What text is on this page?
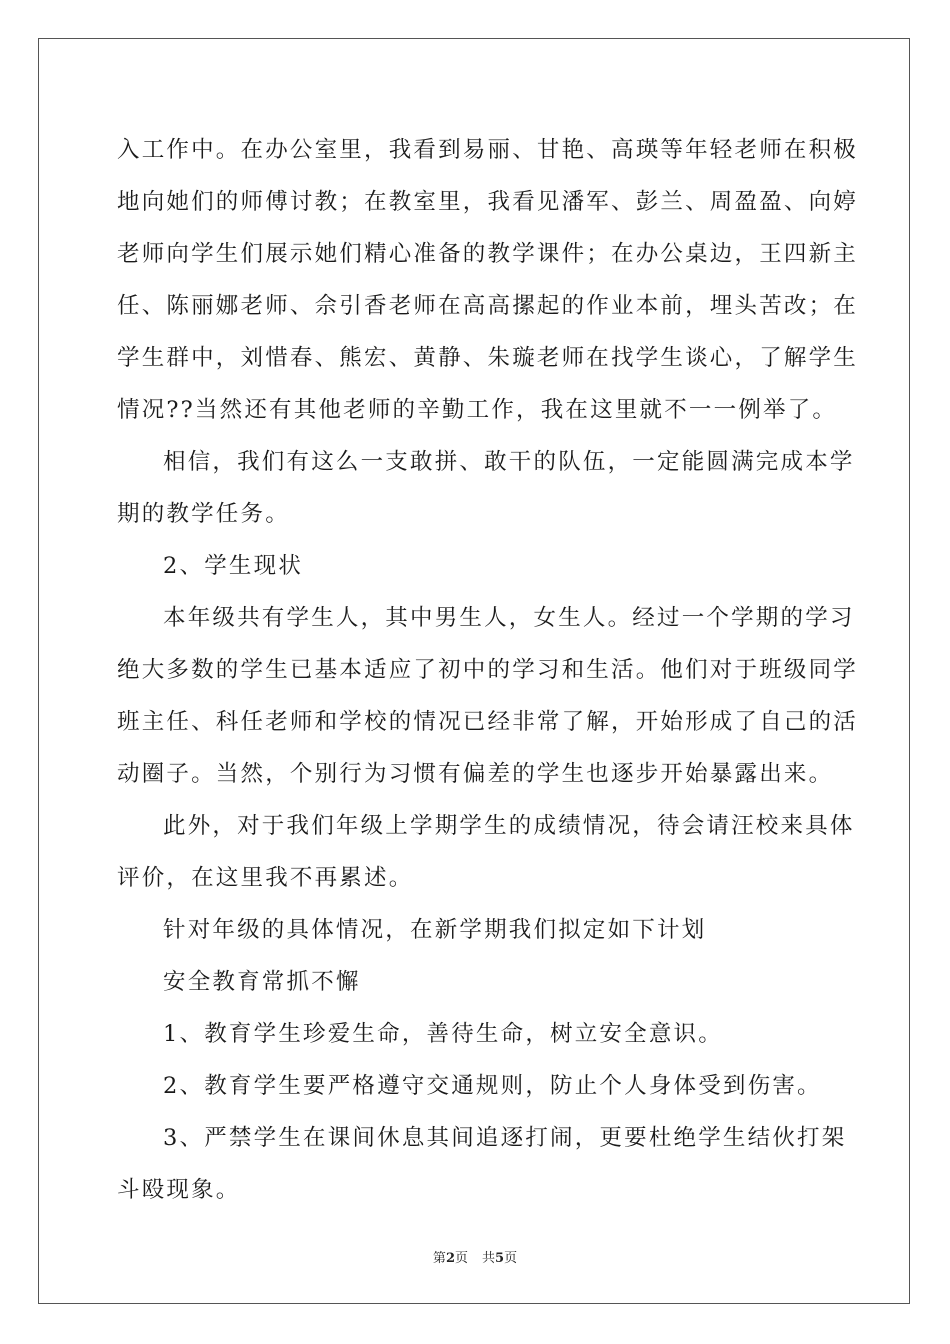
入工作中。在办公室里，我看到易丽、甘艳、高瑛等年轻老师在积极
地向她们的师傅讨教；在教室里，我看见潘军、彭兰、周盈盈、向婷
老师向学生们展示她们精心准备的教学课件；在办公桌边，王四新主
任、陈丽娜老师、佘引香老师在高高摞起的作业本前，埋头苦改；在
学生群中，刘惜春、熊宏、黄静、朱璇老师在找学生谈心，了解学生
情况??当然还有其他老师的辛勤工作，我在这里就不一一例举了。
相信，我们有这么一支敢拼、敢干的队伍，一定能圆满完成本学
期的教学任务。
2、学生现状
本年级共有学生人，其中男生人，女生人。经过一个学期的学习
绝大多数的学生已基本适应了初中的学习和生活。他们对于班级同学
班主任、科任老师和学校的情况已经非常了解，开始形成了自己的活
动圈子。当然，个别行为习惯有偏差的学生也逐步开始暴露出来。
此外，对于我们年级上学期学生的成绩情况，待会请汪校来具体
评价，在这里我不再累述。
针对年级的具体情况，在新学期我们拟定如下计划
安全教育常抓不懈
1、教育学生珍爱生命，善待生命，树立安全意识。
2、教育学生要严格遵守交通规则，防止个人身体受到伤害。
3、严禁学生在课间休息其间追逐打闹，更要杜绝学生结伙打架
斗殴现象。
第2页 共5页
